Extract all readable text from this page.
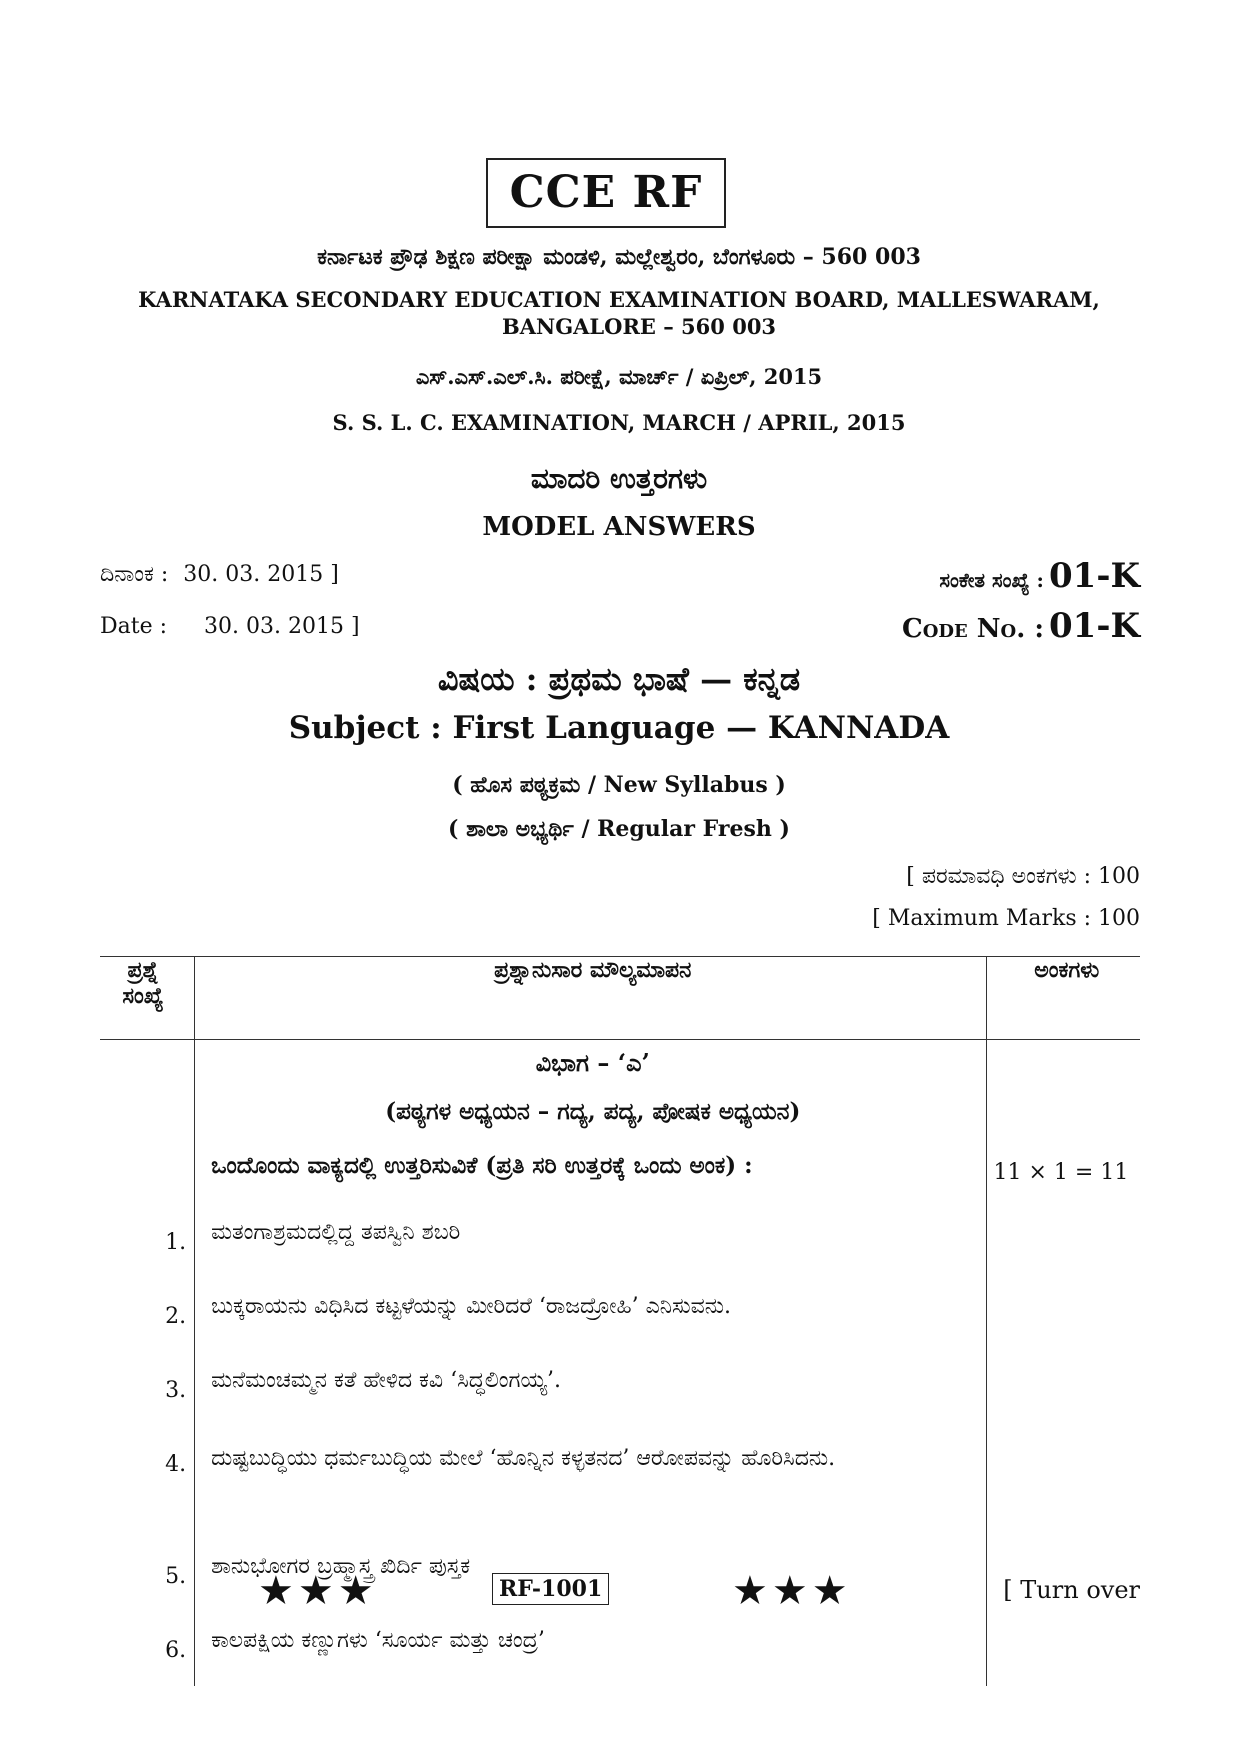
CCE RF
ಕರ್ನಾಟಕ ಪ್ರೌಢ ಶಿಕ್ಷಣ ಪರೀಕ್ಷಾ ಮಂಡಳಿ, ಮಲ್ಲೇಶ್ವರಂ, ಬೆಂಗಳೂರು – 560 003
KARNATAKA SECONDARY EDUCATION EXAMINATION BOARD, MALLESWARAM,
BANGALORE – 560 003
ಎಸ್.ಎಸ್.ಎಲ್.ಸಿ. ಪರೀಕ್ಷೆ, ಮಾರ್ಚ್ / ಏಪ್ರಿಲ್, 2015
S. S. L. C. EXAMINATION, MARCH / APRIL, 2015
ಮಾದರಿ ಉತ್ತರಗಳು
MODEL ANSWERS
ದಿನಾಂಕ : 30. 03. 2015 ]	ಸಂಕೇತ ಸಂಖ್ಯೆ : 01-K
Date : 30. 03. 2015 ]	Code No. : 01-K
ವಿಷಯ : ಪ್ರಥಮ ಭಾಷೆ — ಕನ್ನಡ
Subject : First Language — KANNADA
( ಹೊಸ ಪಠ್ಯಕ್ರಮ / New Syllabus )
( ಶಾಲಾ ಅಭ್ಯರ್ಥಿ / Regular Fresh )
[ ಪರಮಾವಧಿ ಅಂಕಗಳು : 100
[ Maximum Marks : 100
ಪ್ರಶ್ನೆ
ಸಂಖ್ಯೆ	ಪ್ರಶ್ನಾನುಸಾರ ಮೌಲ್ಯಮಾಪನ	ಅಂಕಗಳು
	ವಿಭಾಗ – ‘ಎ’	
	(ಪಠ್ಯಗಳ ಅಧ್ಯಯನ – ಗದ್ಯ, ಪದ್ಯ, ಪೋಷಕ ಅಧ್ಯಯನ)	
	ಒಂದೊಂದು ವಾಕ್ಯದಲ್ಲಿ ಉತ್ತರಿಸುವಿಕೆ (ಪ್ರತಿ ಸರಿ ಉತ್ತರಕ್ಕೆ ಒಂದು ಅಂಕ) :	11 × 1 = 11
1.	ಮತಂಗಾಶ್ರಮದಲ್ಲಿದ್ದ ತಪಸ್ವಿನಿ ಶಬರಿ	
2.	ಬುಕ್ಕರಾಯನು ವಿಧಿಸಿದ ಕಟ್ಟಳೆಯನ್ನು ಮೀರಿದರೆ ‘ರಾಜದ್ರೋಹಿ’ ಎನಿಸುವನು.	
3.	ಮನೆಮಂಚಮ್ಮನ ಕತೆ ಹೇಳಿದ ಕವಿ ‘ಸಿದ್ಧಲಿಂಗಯ್ಯ’.	
4.	ದುಷ್ಟಬುದ್ಧಿಯು ಧರ್ಮಬುದ್ಧಿಯ ಮೇಲೆ ‘ಹೊನ್ನಿನ ಕಳ್ಳತನದ’ ಆರೋಪವನ್ನು ಹೊರಿಸಿದನು.	
5.	ಶಾನುಭೋಗರ ಬ್ರಹ್ಮಾಸ್ತ್ರ ಖಿರ್ದಿ ಪುಸ್ತಕ	
6.	ಕಾಲಪಕ್ಷಿಯ ಕಣ್ಣುಗಳು ‘ಸೂರ್ಯ ಮತ್ತು ಚಂದ್ರ’	
★★★	RF-1001	★★★	[ Turn over
